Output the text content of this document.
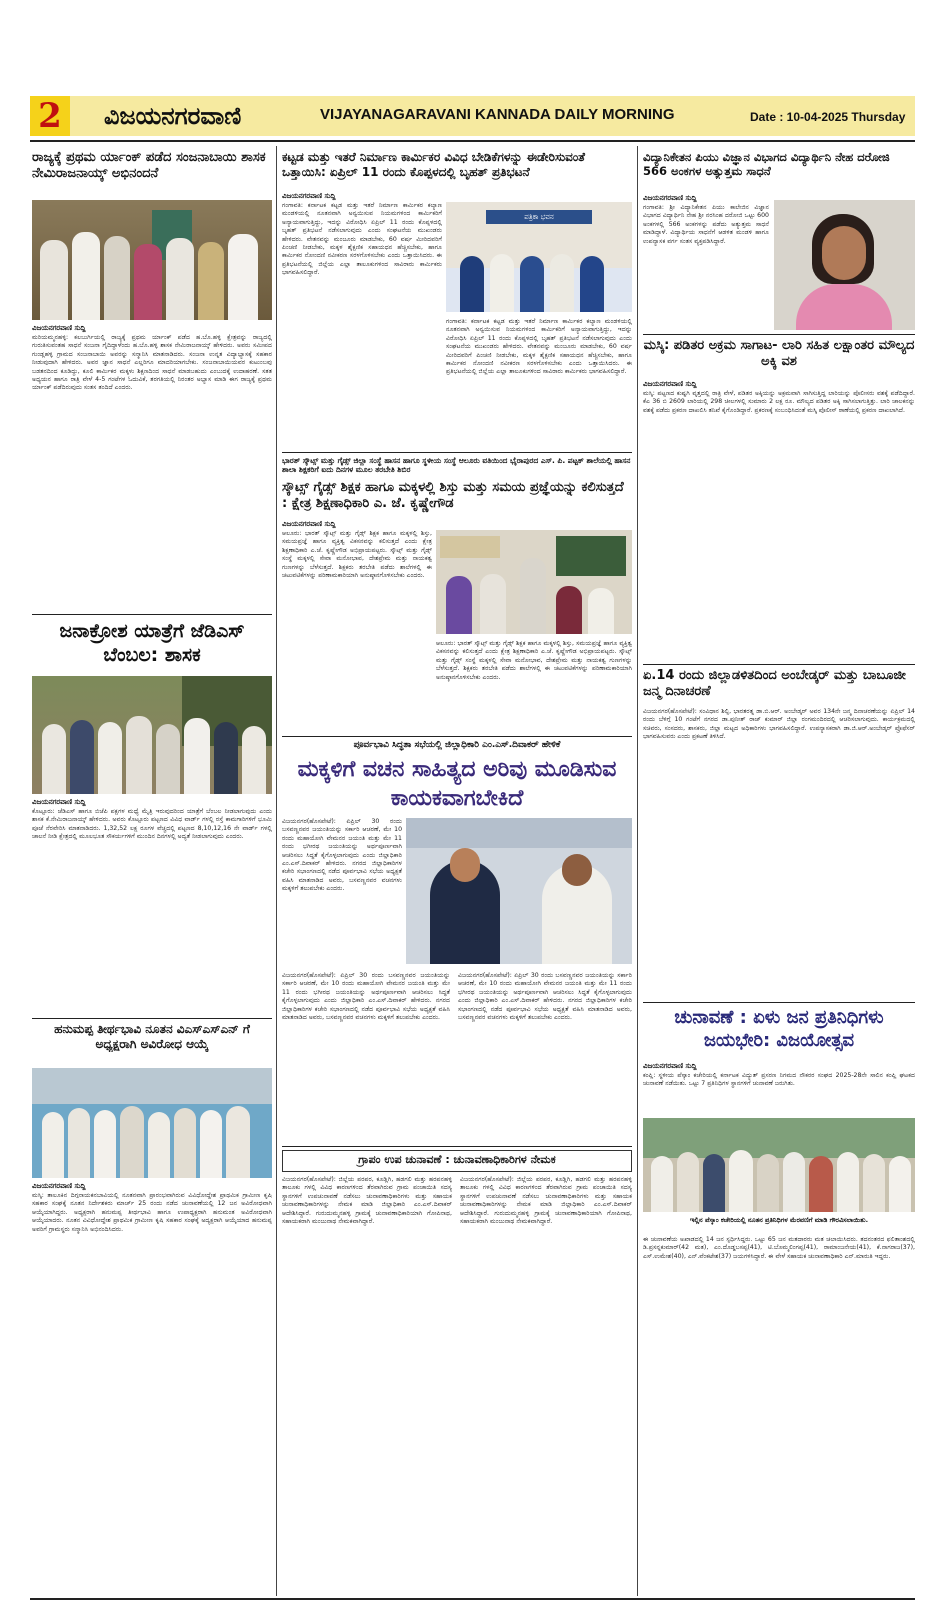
2	ವಿಜಯನಗರವಾಣಿ	VIJAYANAGARAVANI KANNADA DAILY MORNING	Date : 10-04-2025 Thursday
ರಾಜ್ಯಕ್ಕೆ ಪ್ರಥಮ ರ್ಯಾಂಕ್ ಪಡೆದ ಸಂಜನಾಬಾಯಿ ಶಾಸಕ ನೇಮಿರಾಜನಾಯ್ಕ್ ಅಭಿನಂದನೆ
ವಿಜಯನಗರವಾಣಿ ಸುದ್ದಿ
ಮರಿಯಮ್ಮನಹಳ್ಳಿ: ಕಲಬುರ್ಗಿಯಲ್ಲಿ ರಾಜ್ಯಕ್ಕೆ ಪ್ರಥಮ ರ್ಯಾಂಕ್ ಪಡೆದ ಹ.ಬೊ.ಹಳ್ಳಿ ಕ್ಷೇತ್ರವನ್ನು ರಾಜ್ಯದಲ್ಲಿ ಗುರುತಿಸುವಂತಹ ಸಾಧನೆ ಸಂಜನಾ ಗೈದಿದ್ದಾಳೆಂದು ಹ.ಬೊ.ಹಳ್ಳಿ ಶಾಸಕ ನೇಮಿರಾಜನಾಯ್ಕ್ ಹೇಳಿದರು. ಅವರು ಸಮೀಪದ ಗುಂಡ್ಲಹಳ್ಳಿ ಗ್ರಾಮದ ಸಂಜನಾಬಾಯಿ ಅವರನ್ನು ಸನ್ಮಾನಿಸಿ ಮಾತನಾಡಿದರು. ಸಂಜನಾ ಉನ್ನತ ವಿದ್ಯಾಭ್ಯಾಸಕ್ಕೆ ಸಹಕಾರ ನೀಡುವುದಾಗಿ ಹೇಳಿದರು. ಅವರ ಜ್ಞಾನ ಸಾಧನೆ ಎಲ್ಲರಿಗೂ ಮಾದರಿಯಾಗಬೇಕು. ಸಂಜನಾಬಾಯಿಯವರ ಕುಟುಂಬವು ಬಡತನದಿಂದ ಕೂಡಿದ್ದು, ಕೂಲಿ ಕಾರ್ಮಿಕರ ಮಕ್ಕಳು ಶಿಕ್ಷಣದಿಂದ ಸಾಧನೆ ಮಾಡಬಹುದು ಎಂಬುದಕ್ಕೆ ಉದಾಹರಣೆ. ಸತತ ಅಧ್ಯಯನ ಹಾಗೂ ರಾತ್ರಿ ವೇಳೆ 4-5 ಗಂಟೆಗಳ ಓದುವಿಕೆ, ತರಗತಿಯಲ್ಲಿ ನಿರಂತರ ಅಭ್ಯಾಸ ಮಾಡಿ ಈಗ ರಾಜ್ಯಕ್ಕೆ ಪ್ರಥಮ ರ್ಯಾಂಕ್ ಪಡೆದಿರುವುದು ಸಂತಸ ತಂದಿದೆ ಎಂದರು.
ಜನಾಕ್ರೋಶ ಯಾತ್ರೆಗೆ ಜೆಡಿಎಸ್ ಬೆಂಬಲ: ಶಾಸಕ
ವಿಜಯನಗರವಾಣಿ ಸುದ್ದಿ
ಕೊಟ್ಟೂರು: ಜೆಡಿಎಸ್ ಹಾಗೂ ಬಿಜೆಪಿ ಪಕ್ಷಗಳ ಮಧ್ಯೆ ಮೈತ್ರಿ ಇರುವುದರಿಂದ ಯಾತ್ರೆಗೆ ಬೆಂಬಲ ನೀಡಲಾಗುವುದು ಎಂದು ಶಾಸಕ ಕೆ.ನೇಮಿರಾಜನಾಯ್ಕ್ ಹೇಳಿದರು. ಅವರು ಕೊಟ್ಟೂರು ಪಟ್ಟಣದ ವಿವಿಧ ವಾರ್ಡ್ ಗಳಲ್ಲಿ ರಸ್ತೆ ಕಾಮಗಾರಿಗಳಿಗೆ ಭೂಮಿ ಪೂಜೆ ನೆರವೇರಿಸಿ ಮಾತನಾಡಿದರು. 1,32,52 ಲಕ್ಷ ರೂಗಳ ವೆಚ್ಚದಲ್ಲಿ ಪಟ್ಟಣದ 8,10,12,16 ನೇ ವಾರ್ಡ್ ಗಳಲ್ಲಿ ಚಾಲನೆ ನೀಡಿ ಕ್ಷೇತ್ರದಲ್ಲಿ ಮೂಲಭೂತ ಸೌಕರ್ಯಗಳಿಗೆ ಮುಂದಿನ ದಿನಗಳಲ್ಲಿ ಅದ್ಯತೆ ನೀಡಲಾಗುವುದು ಎಂದರು.
ಹನುಮಪ್ಪ ತೀರ್ಥಭಾವಿ ನೂತನ ವಿಎಸ್ಎಸ್ಎನ್ ಗೆ ಅಧ್ಯಕ್ಷರಾಗಿ ಅವಿರೋಧ ಆಯ್ಕೆ
ವಿಜಯನಗರವಾಣಿ ಸುದ್ದಿ
ಮಸ್ಕಿ: ತಾಲೂಕಿನ ದಿಗ್ಗನಾಯಕನಬಾವಿಯಲ್ಲಿ ನೂತನವಾಗಿ ಪ್ರಾರಂಭವಾಗಿರುವ ವಿವಿಧೋದ್ದೇಶ ಪ್ರಾಥಮಿಕ ಗ್ರಾಮೀಣ ಕೃಷಿ ಸಹಕಾರ ಸಂಘಕ್ಕೆ ನೂತನ ನಿರ್ದೇಶಕರು ಮಾರ್ಚ್ 25 ರಂದು ನಡೆದ ಚುನಾವಣೆಯಲ್ಲಿ 12 ಜನ ಅವಿರೋಧವಾಗಿ ಆಯ್ಕೆಯಾಗಿದ್ದರು. ಅಧ್ಯಕ್ಷರಾಗಿ ಹನುಮಪ್ಪ ತೀರ್ಥಭಾವಿ ಹಾಗೂ ಉಪಾಧ್ಯಕ್ಷರಾಗಿ ಹನುಮಂತ ಅವಿರೋಧವಾಗಿ ಆಯ್ಕೆಯಾದರು. ನೂತನ ವಿವಿಧೋದ್ದೇಶ ಪ್ರಾಥಮಿಕ ಗ್ರಾಮೀಣ ಕೃಷಿ ಸಹಕಾರ ಸಂಘಕ್ಕೆ ಅದ್ಯಕ್ಷರಾಗಿ ಆಯ್ಕೆಯಾದ ಹನುಮಪ್ಪ ಅವರಿಗೆ ಗ್ರಾಮಸ್ಥರು ಸನ್ಮಾನಿಸಿ ಅಭಿನಂದಿಸಿದರು.
ಕಟ್ಟಡ ಮತ್ತು ಇತರೆ ನಿರ್ಮಾಣ ಕಾರ್ಮಿಕರ ವಿವಿಧ ಬೇಡಿಕೆಗಳನ್ನು ಈಡೇರಿಸುವಂತೆ ಒತ್ತಾಯಿಸಿ: ಏಪ್ರಿಲ್ 11 ರಂದು ಕೊಪ್ಪಳದಲ್ಲಿ ಬೃಹತ್ ಪ್ರತಿಭಟನೆ
ವಿಜಯನಗರವಾಣಿ ಸುದ್ದಿ
ಗಂಗಾವತಿ: ಕರ್ನಾಟಕ ಕಟ್ಟಡ ಮತ್ತು ಇತರೆ ನಿರ್ಮಾಣ ಕಾರ್ಮಿಕರ ಕಲ್ಯಾಣ ಮಂಡಳಿಯಲ್ಲಿ ನೂತನವಾಗಿ ಅನ್ವಯಿಸುವ ನಿಯಮಗಳಿಂದ ಕಾರ್ಮಿಕರಿಗೆ ಅನ್ಯಾಯವಾಗುತ್ತಿದ್ದು, ಇದನ್ನು ವಿರೋಧಿಸಿ ಏಪ್ರಿಲ್ 11 ರಂದು ಕೊಪ್ಪಳದಲ್ಲಿ ಬೃಹತ್ ಪ್ರತಿಭಟನೆ ನಡೆಸಲಾಗುವುದು ಎಂದು ಸಂಘಟನೆಯ ಮುಖಂಡರು ಹೇಳಿದರು. ವೇತನವನ್ನು ಮಂಜೂರು ಮಾಡಬೇಕು, 60 ವರ್ಷ ಮೀರಿದವರಿಗೆ ಪಿಂಚಣಿ ನೀಡಬೇಕು, ಮಕ್ಕಳ ಶೈಕ್ಷಣಿಕ ಸಹಾಯಧನ ಹೆಚ್ಚಿಸಬೇಕು, ಹಾಗೂ ಕಾರ್ಮಿಕರ ನೋಂದಣಿ ನವೀಕರಣ ಸರಳಗೊಳಿಸಬೇಕು ಎಂದು ಒತ್ತಾಯಿಸಿದರು. ಈ ಪ್ರತಿಭಟನೆಯಲ್ಲಿ ಜಿಲ್ಲೆಯ ಎಲ್ಲಾ ತಾಲೂಕುಗಳಿಂದ ಸಾವಿರಾರು ಕಾರ್ಮಿಕರು ಭಾಗವಹಿಸಲಿದ್ದಾರೆ.
ಪತ್ರಿಕಾ ಭವನ
ಗಂಗಾವತಿ: ಕರ್ನಾಟಕ ಕಟ್ಟಡ ಮತ್ತು ಇತರೆ ನಿರ್ಮಾಣ ಕಾರ್ಮಿಕರ ಕಲ್ಯಾಣ ಮಂಡಳಿಯಲ್ಲಿ ನೂತನವಾಗಿ ಅನ್ವಯಿಸುವ ನಿಯಮಗಳಿಂದ ಕಾರ್ಮಿಕರಿಗೆ ಅನ್ಯಾಯವಾಗುತ್ತಿದ್ದು, ಇದನ್ನು ವಿರೋಧಿಸಿ ಏಪ್ರಿಲ್ 11 ರಂದು ಕೊಪ್ಪಳದಲ್ಲಿ ಬೃಹತ್ ಪ್ರತಿಭಟನೆ ನಡೆಸಲಾಗುವುದು ಎಂದು ಸಂಘಟನೆಯ ಮುಖಂಡರು ಹೇಳಿದರು. ವೇತನವನ್ನು ಮಂಜೂರು ಮಾಡಬೇಕು, 60 ವರ್ಷ ಮೀರಿದವರಿಗೆ ಪಿಂಚಣಿ ನೀಡಬೇಕು, ಮಕ್ಕಳ ಶೈಕ್ಷಣಿಕ ಸಹಾಯಧನ ಹೆಚ್ಚಿಸಬೇಕು, ಹಾಗೂ ಕಾರ್ಮಿಕರ ನೋಂದಣಿ ನವೀಕರಣ ಸರಳಗೊಳಿಸಬೇಕು ಎಂದು ಒತ್ತಾಯಿಸಿದರು. ಈ ಪ್ರತಿಭಟನೆಯಲ್ಲಿ ಜಿಲ್ಲೆಯ ಎಲ್ಲಾ ತಾಲೂಕುಗಳಿಂದ ಸಾವಿರಾರು ಕಾರ್ಮಿಕರು ಭಾಗವಹಿಸಲಿದ್ದಾರೆ.
ಭಾರತ್ ಸ್ಕೌಟ್ಸ್ ಮತ್ತು ಗೈಡ್ಸ್ ಜಿಲ್ಲಾ ಸಂಸ್ಥೆ ಹಾಸನ ಹಾಗೂ ಸ್ಥಳೀಯ ಸಂಸ್ಥೆ ಆಲೂರು ವತಿಯಿಂದ ಭೈರಾಪುರದ ಎಸ್. ಪಿ. ಪಟ್ಟಕ್ ಶಾಲೆಯಲ್ಲಿ ಹಾಸನ ಶಾಲಾ ಶಿಕ್ಷಕರಿಗೆ ಐದು ದಿನಗಳ ಮೂಲ ತರಬೇತಿ ಶಿಬಿರ
ಸ್ಕೌಟ್ಸ್ ಗೈಡ್ಸ್ ಶಿಕ್ಷಕ ಹಾಗೂ ಮಕ್ಕಳಲ್ಲಿ ಶಿಸ್ತು ಮತ್ತು ಸಮಯ ಪ್ರಜ್ಞೆಯನ್ನು ಕಲಿಸುತ್ತದೆ : ಕ್ಷೇತ್ರ ಶಿಕ್ಷಣಾಧಿಕಾರಿ ಎ. ಜೆ. ಕೃಷ್ಣೇಗೌಡ
ವಿಜಯನಗರವಾಣಿ ಸುದ್ದಿ
ಆಲೂರು: ಭಾರತ್ ಸ್ಕೌಟ್ಸ್ ಮತ್ತು ಗೈಡ್ಸ್ ಶಿಕ್ಷಕ ಹಾಗೂ ಮಕ್ಕಳಲ್ಲಿ ಶಿಸ್ತು, ಸಮಯಪ್ರಜ್ಞೆ ಹಾಗೂ ವ್ಯಕ್ತಿತ್ವ ವಿಕಸನವನ್ನು ಕಲಿಸುತ್ತದೆ ಎಂದು ಕ್ಷೇತ್ರ ಶಿಕ್ಷಣಾಧಿಕಾರಿ ಎ.ಜೆ. ಕೃಷ್ಣೇಗೌಡ ಅಭಿಪ್ರಾಯಪಟ್ಟರು. ಸ್ಕೌಟ್ಸ್ ಮತ್ತು ಗೈಡ್ಸ್ ಸಂಸ್ಥೆ ಮಕ್ಕಳಲ್ಲಿ ಸೇವಾ ಮನೋಭಾವ, ದೇಶಪ್ರೇಮ ಮತ್ತು ನಾಯಕತ್ವ ಗುಣಗಳನ್ನು ಬೆಳೆಸುತ್ತದೆ. ಶಿಕ್ಷಕರು ತರಬೇತಿ ಪಡೆದು ಶಾಲೆಗಳಲ್ಲಿ ಈ ಚಟುವಟಿಕೆಗಳನ್ನು ಪರಿಣಾಮಕಾರಿಯಾಗಿ ಅನುಷ್ಠಾನಗೊಳಿಸಬೇಕು ಎಂದರು.
ಆಲೂರು: ಭಾರತ್ ಸ್ಕೌಟ್ಸ್ ಮತ್ತು ಗೈಡ್ಸ್ ಶಿಕ್ಷಕ ಹಾಗೂ ಮಕ್ಕಳಲ್ಲಿ ಶಿಸ್ತು, ಸಮಯಪ್ರಜ್ಞೆ ಹಾಗೂ ವ್ಯಕ್ತಿತ್ವ ವಿಕಸನವನ್ನು ಕಲಿಸುತ್ತದೆ ಎಂದು ಕ್ಷೇತ್ರ ಶಿಕ್ಷಣಾಧಿಕಾರಿ ಎ.ಜೆ. ಕೃಷ್ಣೇಗೌಡ ಅಭಿಪ್ರಾಯಪಟ್ಟರು. ಸ್ಕೌಟ್ಸ್ ಮತ್ತು ಗೈಡ್ಸ್ ಸಂಸ್ಥೆ ಮಕ್ಕಳಲ್ಲಿ ಸೇವಾ ಮನೋಭಾವ, ದೇಶಪ್ರೇಮ ಮತ್ತು ನಾಯಕತ್ವ ಗುಣಗಳನ್ನು ಬೆಳೆಸುತ್ತದೆ. ಶಿಕ್ಷಕರು ತರಬೇತಿ ಪಡೆದು ಶಾಲೆಗಳಲ್ಲಿ ಈ ಚಟುವಟಿಕೆಗಳನ್ನು ಪರಿಣಾಮಕಾರಿಯಾಗಿ ಅನುಷ್ಠಾನಗೊಳಿಸಬೇಕು ಎಂದರು.
ಪೂರ್ವಭಾವಿ ಸಿದ್ಧತಾ ಸಭೆಯಲ್ಲಿ ಜಿಲ್ಲಾಧಿಕಾರಿ ಎಂ.ಎಸ್.ದಿವಾಕರ್ ಹೇಳಿಕೆ
ಮಕ್ಕಳಿಗೆ ವಚನ ಸಾಹಿತ್ಯದ ಅರಿವು ಮೂಡಿಸುವ ಕಾಯಕವಾಗಬೇಕಿದೆ
ವಿಜಯನಗರ(ಹೊಸಪೇಟೆ): ಏಪ್ರಿಲ್ 30 ರಂದು ಬಸವಣ್ಣನವರ ಜಯಂತಿಯನ್ನು ಸರ್ಕಾರಿ ಆಚರಣೆ, ಮೇ 10 ರಂದು ಮಹಾಯೋಗಿ ವೇಮನರ ಜಯಂತಿ ಮತ್ತು ಮೇ 11 ರಂದು ಭಗೀರಥ ಜಯಂತಿಯನ್ನು ಅರ್ಥಪೂರ್ಣವಾಗಿ ಆಚರಿಸಲು ಸಿದ್ಧತೆ ಕೈಗೊಳ್ಳಲಾಗುವುದು ಎಂದು ಜಿಲ್ಲಾಧಿಕಾರಿ ಎಂ.ಎಸ್.ದಿವಾಕರ್ ಹೇಳಿದರು. ನಗರದ ಜಿಲ್ಲಾಧಿಕಾರಿಗಳ ಕಚೇರಿ ಸಭಾಂಗಣದಲ್ಲಿ ನಡೆದ ಪೂರ್ವಭಾವಿ ಸಭೆಯ ಅಧ್ಯಕ್ಷತೆ ವಹಿಸಿ ಮಾತನಾಡಿದ ಅವರು, ಬಸವಣ್ಣನವರ ವಚನಗಳು ಮಕ್ಕಳಿಗೆ ತಲುಪಬೇಕು ಎಂದರು.
ವಿಜಯನಗರ(ಹೊಸಪೇಟೆ): ಏಪ್ರಿಲ್ 30 ರಂದು ಬಸವಣ್ಣನವರ ಜಯಂತಿಯನ್ನು ಸರ್ಕಾರಿ ಆಚರಣೆ, ಮೇ 10 ರಂದು ಮಹಾಯೋಗಿ ವೇಮನರ ಜಯಂತಿ ಮತ್ತು ಮೇ 11 ರಂದು ಭಗೀರಥ ಜಯಂತಿಯನ್ನು ಅರ್ಥಪೂರ್ಣವಾಗಿ ಆಚರಿಸಲು ಸಿದ್ಧತೆ ಕೈಗೊಳ್ಳಲಾಗುವುದು ಎಂದು ಜಿಲ್ಲಾಧಿಕಾರಿ ಎಂ.ಎಸ್.ದಿವಾಕರ್ ಹೇಳಿದರು. ನಗರದ ಜಿಲ್ಲಾಧಿಕಾರಿಗಳ ಕಚೇರಿ ಸಭಾಂಗಣದಲ್ಲಿ ನಡೆದ ಪೂರ್ವಭಾವಿ ಸಭೆಯ ಅಧ್ಯಕ್ಷತೆ ವಹಿಸಿ ಮಾತನಾಡಿದ ಅವರು, ಬಸವಣ್ಣನವರ ವಚನಗಳು ಮಕ್ಕಳಿಗೆ ತಲುಪಬೇಕು ಎಂದರು.
ವಿಜಯನಗರ(ಹೊಸಪೇಟೆ): ಏಪ್ರಿಲ್ 30 ರಂದು ಬಸವಣ್ಣನವರ ಜಯಂತಿಯನ್ನು ಸರ್ಕಾರಿ ಆಚರಣೆ, ಮೇ 10 ರಂದು ಮಹಾಯೋಗಿ ವೇಮನರ ಜಯಂತಿ ಮತ್ತು ಮೇ 11 ರಂದು ಭಗೀರಥ ಜಯಂತಿಯನ್ನು ಅರ್ಥಪೂರ್ಣವಾಗಿ ಆಚರಿಸಲು ಸಿದ್ಧತೆ ಕೈಗೊಳ್ಳಲಾಗುವುದು ಎಂದು ಜಿಲ್ಲಾಧಿಕಾರಿ ಎಂ.ಎಸ್.ದಿವಾಕರ್ ಹೇಳಿದರು. ನಗರದ ಜಿಲ್ಲಾಧಿಕಾರಿಗಳ ಕಚೇರಿ ಸಭಾಂಗಣದಲ್ಲಿ ನಡೆದ ಪೂರ್ವಭಾವಿ ಸಭೆಯ ಅಧ್ಯಕ್ಷತೆ ವಹಿಸಿ ಮಾತನಾಡಿದ ಅವರು, ಬಸವಣ್ಣನವರ ವಚನಗಳು ಮಕ್ಕಳಿಗೆ ತಲುಪಬೇಕು ಎಂದರು.
ಗ್ರಾಪಂ ಉಪ ಚುನಾವಣೆ : ಚುನಾವಣಾಧಿಕಾರಿಗಳ ನೇಮಕ
ವಿಜಯನಗರ(ಹೊಸಪೇಟೆ): ಜಿಲ್ಲೆಯ ಪರಪರ, ಕೂಡ್ಲಿಗಿ, ಹಡಗಲಿ ಮತ್ತು ಹರಪನಹಳ್ಳಿ ತಾಲೂಕು ಗಳಲ್ಲಿ ವಿವಿಧ ಕಾರಣಗಳಿಂದ ತೆರವಾಗಿರುವ ಗ್ರಾಮ ಪಂಚಾಯಿತಿ ಸದಸ್ಯ ಸ್ಥಾನಗಳಿಗೆ ಉಪಚುನಾವಣೆ ನಡೆಸಲು ಚುನಾವಣಾಧಿಕಾರಿಗಳು ಮತ್ತು ಸಹಾಯಕ ಚುನಾವಣಾಧಿಕಾರಿಗಳನ್ನು ನೇಮಕ ಮಾಡಿ ಜಿಲ್ಲಾಧಿಕಾರಿ ಎಂ.ಎಸ್.ದಿವಾಕರ್ ಆದೇಶಿಸಿದ್ದಾರೆ. ಗುರುದುಮ್ಮನಹಳ್ಳಿ ಗ್ರಾಮಕ್ಕೆ ಚುನಾವಣಾಧಿಕಾರಿಯಾಗಿ ಗೋಪಿನಾಥ, ಸಹಾಯಕರಾಗಿ ಮಂಜುನಾಥ ನೇಮಕವಾಗಿದ್ದಾರೆ.
ವಿಜಯನಗರ(ಹೊಸಪೇಟೆ): ಜಿಲ್ಲೆಯ ಪರಪರ, ಕೂಡ್ಲಿಗಿ, ಹಡಗಲಿ ಮತ್ತು ಹರಪನಹಳ್ಳಿ ತಾಲೂಕು ಗಳಲ್ಲಿ ವಿವಿಧ ಕಾರಣಗಳಿಂದ ತೆರವಾಗಿರುವ ಗ್ರಾಮ ಪಂಚಾಯಿತಿ ಸದಸ್ಯ ಸ್ಥಾನಗಳಿಗೆ ಉಪಚುನಾವಣೆ ನಡೆಸಲು ಚುನಾವಣಾಧಿಕಾರಿಗಳು ಮತ್ತು ಸಹಾಯಕ ಚುನಾವಣಾಧಿಕಾರಿಗಳನ್ನು ನೇಮಕ ಮಾಡಿ ಜಿಲ್ಲಾಧಿಕಾರಿ ಎಂ.ಎಸ್.ದಿವಾಕರ್ ಆದೇಶಿಸಿದ್ದಾರೆ. ಗುರುದುಮ್ಮನಹಳ್ಳಿ ಗ್ರಾಮಕ್ಕೆ ಚುನಾವಣಾಧಿಕಾರಿಯಾಗಿ ಗೋಪಿನಾಥ, ಸಹಾಯಕರಾಗಿ ಮಂಜುನಾಥ ನೇಮಕವಾಗಿದ್ದಾರೆ.
ವಿದ್ಯಾನಿಕೇತನ ಪಿಯು ವಿಜ್ಞಾನ ವಿಭಾಗದ ವಿದ್ಯಾರ್ಥಿನಿ ನೇಹ ದರೋಜಿ 566 ಅಂಕಗಳ ಅತ್ಯುತ್ತಮ ಸಾಧನೆ
ವಿಜಯನಗರವಾಣಿ ಸುದ್ದಿ
ಗಂಗಾವತಿ: ಶ್ರೀ ವಿದ್ಯಾನಿಕೇತನ ಪಿಯು ಕಾಲೇಜಿನ ವಿಜ್ಞಾನ ವಿಭಾಗದ ವಿದ್ಯಾರ್ಥಿನಿ ನೇಹ ಶ್ರೀ ನರಸಿಂಹ ದರೋಜಿ ಒಟ್ಟು 600 ಅಂಕಗಳಲ್ಲಿ 566 ಅಂಕಗಳನ್ನು ಪಡೆದು ಅತ್ಯುತ್ತಮ ಸಾಧನೆ ಮಾಡಿದ್ದಾಳೆ. ವಿದ್ಯಾರ್ಥಿಯ ಸಾಧನೆಗೆ ಆಡಳಿತ ಮಂಡಳಿ ಹಾಗೂ ಉಪನ್ಯಾಸಕ ವರ್ಗ ಸಂತಸ ವ್ಯಕ್ತಪಡಿಸಿದ್ದಾರೆ.
ಮಸ್ಕಿ: ಪಡಿತರ ಅಕ್ರಮ ಸಾಗಾಟ- ಲಾರಿ ಸಹಿತ ಲಕ್ಷಾಂತರ ಮೌಲ್ಯದ ಅಕ್ಕಿ ವಶ
ವಿಜಯನಗರವಾಣಿ ಸುದ್ದಿ
ಮಸ್ಕಿ: ಪಟ್ಟಣದ ಕುಷ್ಟಗಿ ವೃತ್ತದಲ್ಲಿ ರಾತ್ರಿ ವೇಳೆ, ಪಡಿತರ ಅಕ್ಕಿಯನ್ನು ಅಕ್ರಮವಾಗಿ ಸಾಗಿಸುತ್ತಿದ್ದ ಲಾರಿಯನ್ನು ಪೊಲೀಸರು ವಶಕ್ಕೆ ಪಡೆದಿದ್ದಾರೆ. ಕೆಎ 36 ಬಿ 2609 ಲಾರಿಯಲ್ಲಿ 298 ಚೀಲಗಳಲ್ಲಿ ಸುಮಾರು 2 ಲಕ್ಷ ರೂ. ಮೌಲ್ಯದ ಪಡಿತರ ಅಕ್ಕಿ ಸಾಗಿಸಲಾಗುತ್ತಿತ್ತು. ಲಾರಿ ಚಾಲಕನನ್ನು ವಶಕ್ಕೆ ಪಡೆದು ಪ್ರಕರಣ ದಾಖಲಿಸಿ ತನಿಖೆ ಕೈಗೊಂಡಿದ್ದಾರೆ. ಪ್ರಕರಣಕ್ಕೆ ಸಂಬಂಧಿಸಿದಂತೆ ಮಸ್ಕಿ ಪೊಲೀಸ್ ಠಾಣೆಯಲ್ಲಿ ಪ್ರಕರಣ ದಾಖಲಾಗಿದೆ.
ಏ.14 ರಂದು ಜಿಲ್ಲಾಡಳಿತದಿಂದ ಅಂಬೇಡ್ಕರ್ ಮತ್ತು ಬಾಬೂಜೀ ಜನ್ಮ ದಿನಾಚರಣೆ
ವಿಜಯನಗರ(ಹೊಸಪೇಟೆ): ಸಂವಿಧಾನ ಶಿಲ್ಪಿ, ಭಾರತರತ್ನ ಡಾ.ಬಿ.ಆರ್. ಅಂಬೇಡ್ಕರ್ ಅವರ 134ನೇ ಜನ್ಮ ದಿನಾಚರಣೆಯನ್ನು ಏಪ್ರಿಲ್ 14 ರಂದು ಬೆಳಿಗ್ಗೆ 10 ಗಂಟೆಗೆ ನಗರದ ಡಾ.ಪುನೀತ್ ರಾಜ್ ಕುಮಾರ್ ಜಿಲ್ಲಾ ರಂಗಮಂದಿರದಲ್ಲಿ ಆಚರಿಸಲಾಗುವುದು. ಕಾರ್ಯಕ್ರಮದಲ್ಲಿ ಸಚಿವರು, ಸಂಸದರು, ಶಾಸಕರು, ಜಿಲ್ಲಾ ಮಟ್ಟದ ಅಧಿಕಾರಿಗಳು ಭಾಗವಹಿಸಲಿದ್ದಾರೆ. ಉಪನ್ಯಾಸಕರಾಗಿ ಡಾ.ಜಿ.ಆರ್.ಅಂಬೇಡ್ಕರ್ ಪ್ರೊಫೆಸರ್ ಭಾಗವಹಿಸುವರು ಎಂದು ಪ್ರಕಟಣೆ ತಿಳಿಸಿದೆ.
ಚುನಾವಣೆ : ಏಳು ಜನ ಪ್ರತಿನಿಧಿಗಳು ಜಯಭೇರಿ: ವಿಜಯೋತ್ಸವ
ವಿಜಯನಗರವಾಣಿ ಸುದ್ದಿ
ಕಂಪ್ಲಿ: ಸ್ಥಳೀಯ ಪೆಸ್ಕಾಂ ಕಚೇರಿಯಲ್ಲಿ ಕರ್ನಾಟಕ ವಿದ್ಯುತ್ ಪ್ರಸರಣ ನಿಗಮದ ನೌಕರರ ಸಂಘದ 2025-28ನೇ ಸಾಲಿನ ಕಂಪ್ಲಿ ಘಟಕದ ಚುನಾವಣೆ ನಡೆಯಿತು. ಒಟ್ಟು 7 ಪ್ರತಿನಿಧಿಗಳ ಸ್ಥಾನಗಳಿಗೆ ಚುನಾವಣೆ ಜರುಗಿತು.
ಇಲ್ಲಿನ ಪೆಸ್ಕಾಂ ಕಚೇರಿಯಲ್ಲಿ ನೂತನ ಪ್ರತಿನಿಧಿಗಳ ಮೆರವಣಿಗೆ ಮಾಡಿ ಗೌರವಿಸಲಾಯಿತು.
ಈ ಚುನಾವಣೆಯ ಅಖಾಡದಲ್ಲಿ 14 ಜನ ಸ್ಪರ್ಧಿಸಿದ್ದರು. ಒಟ್ಟು 65 ಜನ ಮತದಾರರು ಮತ ಚಲಾಯಿಸಿದರು. ತದನಂತರದ ಫಲಿತಾಂಶದಲ್ಲಿ ಡಿ.ಪ್ರಸನ್ನಕುಮಾರ್(42 ಮತ), ಎಂ.ದೊಡ್ಡಬಸಪ್ಪ(41), ಟಿ.ಬೊಮ್ಮಲಿಂಗಪ್ಪ(41), ರಾಮಾಂಜನೇಯ(41), ಕೆ.ನಾಗರಾಜ(37), ಎಸ್.ಉಮೇಶ(40), ಎನ್.ವೆಂಕಟೇಶ(37) ಜಯಗಳಿಸಿದ್ದಾರೆ. ಈ ವೇಳೆ ಸಹಾಯಕ ಚುನಾವಣಾಧಿಕಾರಿ ಎನ್.ಮಾರುತಿ ಇದ್ದರು.
